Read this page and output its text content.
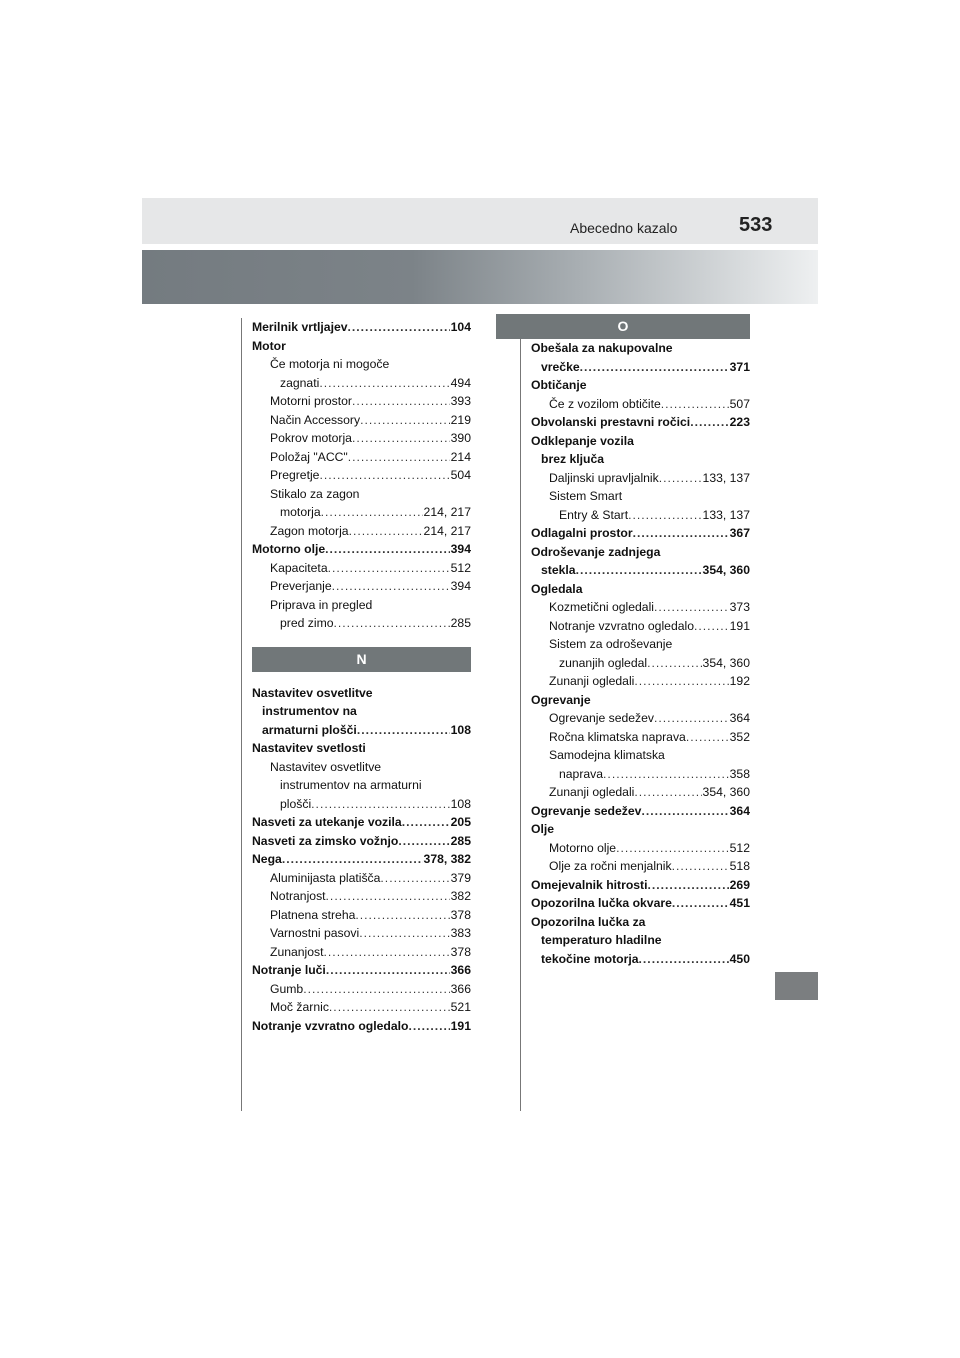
Abecedno kazalo	533
Merilnik vrtljajev .....	104
Motor
Če motorja ni mogoče
zagnati .....	494
Motorni prostor .....	393
Način Accessory .....	219
Pokrov motorja .....	390
Položaj "ACC" .....	214
Pregretje .....	504
Stikalo za zagon
motorja .....	214, 217
Zagon motorja .....	214, 217
Motorno olje .....	394
Kapaciteta .....	512
Preverjanje .....	394
Priprava in pregled
pred zimo .....	285
N
Nastavitev osvetlitve
instrumentov na
armaturni plošči .....	108
Nastavitev svetlosti
Nastavitev osvetlitve
instrumentov na armaturni
plošči .....	108
Nasveti za utekanje vozila .....	205
Nasveti za zimsko vožnjo .....	285
Nega .....	378, 382
Aluminijasta platišča .....	379
Notranjost .....	382
Platnena streha .....	378
Varnostni pasovi .....	383
Zunanjost .....	378
Notranje luči .....	366
Gumb .....	366
Moč žarnic .....	521
Notranje vzvratno ogledalo .....	191
O
Obešala za nakupovalne
vrečke .....	371
Obtičanje
Če z vozilom obtičite .....	507
Obvolanski prestavni ročici .....	223
Odklepanje vozila
brez ključa
Daljinski upravljalnik .....	133, 137
Sistem Smart
Entry & Start .....	133, 137
Odlagalni prostor .....	367
Odroševanje zadnjega
stekla .....	354, 360
Ogledala
Kozmetični ogledali .....	373
Notranje vzvratno ogledalo .....	191
Sistem za odroševanje
zunanjih ogledal .....	354, 360
Zunanji ogledali .....	192
Ogrevanje
Ogrevanje sedežev .....	364
Ročna klimatska naprava .....	352
Samodejna klimatska
naprava .....	358
Zunanji ogledali .....	354, 360
Ogrevanje sedežev .....	364
Olje
Motorno olje .....	512
Olje za ročni menjalnik .....	518
Omejevalnik hitrosti .....	269
Opozorilna lučka okvare .....	451
Opozorilna lučka za
temperaturo hladilne
tekočine motorja .....	450
